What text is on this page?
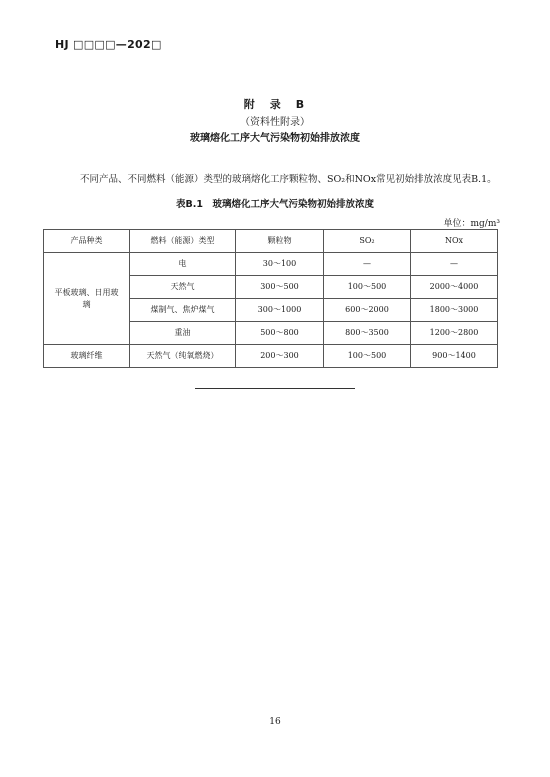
HJ □□□□—202□
附　录　B
（资料性附录）
玻璃熔化工序大气污染物初始排放浓度
不同产品、不同燃料（能源）类型的玻璃熔化工序颗粒物、SO₂和NOx常见初始排放浓度见表B.1。
表B.1　玻璃熔化工序大气污染物初始排放浓度
单位：mg/m³
产品种类	燃料（能源）类型	颗粒物	SO₂	NOx
平板玻璃、日用玻璃	电	30～100	—	—
	天然气	300～500	100～500	2000～4000
	煤制气、焦炉煤气	300～1000	600～2000	1800～3000
	重油	500～800	800～3500	1200～2800
玻璃纤维	天然气（纯氧燃烧）	200～300	100～500	900～1400
16
